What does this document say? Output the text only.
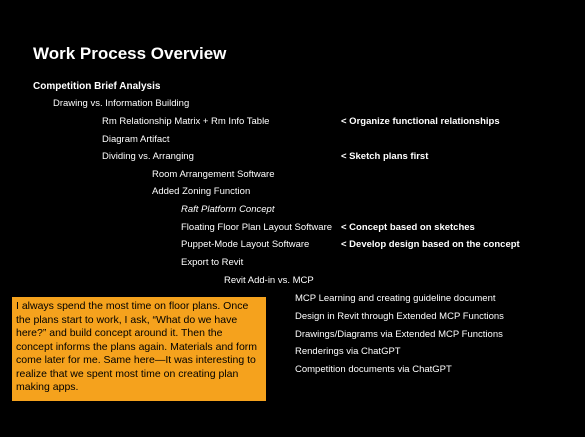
Work Process Overview
Competition Brief Analysis
Drawing vs. Information Building
Rm Relationship Matrix + Rm Info Table
Diagram Artifact
Dividing vs. Arranging
Room Arrangement Software
Added Zoning Function
Raft Platform Concept
Floating Floor Plan Layout Software
Puppet-Mode Layout Software
Export to Revit
Revit Add-in vs. MCP
MCP Learning and creating guideline document
Design in Revit through Extended MCP Functions
Drawings/Diagrams via Extended MCP Functions
Renderings via ChatGPT
Competition documents via ChatGPT
< Organize functional relationships
< Sketch plans first
< Concept based on sketches
< Develop design based on the concept
I always spend the most time on floor plans. Once the plans start to work, I ask, “What do we have here?” and build concept around it. Then the concept informs the plans again. Materials and form come later for me. Same here—It was interesting to realize that we spent most time on creating plan making apps.
